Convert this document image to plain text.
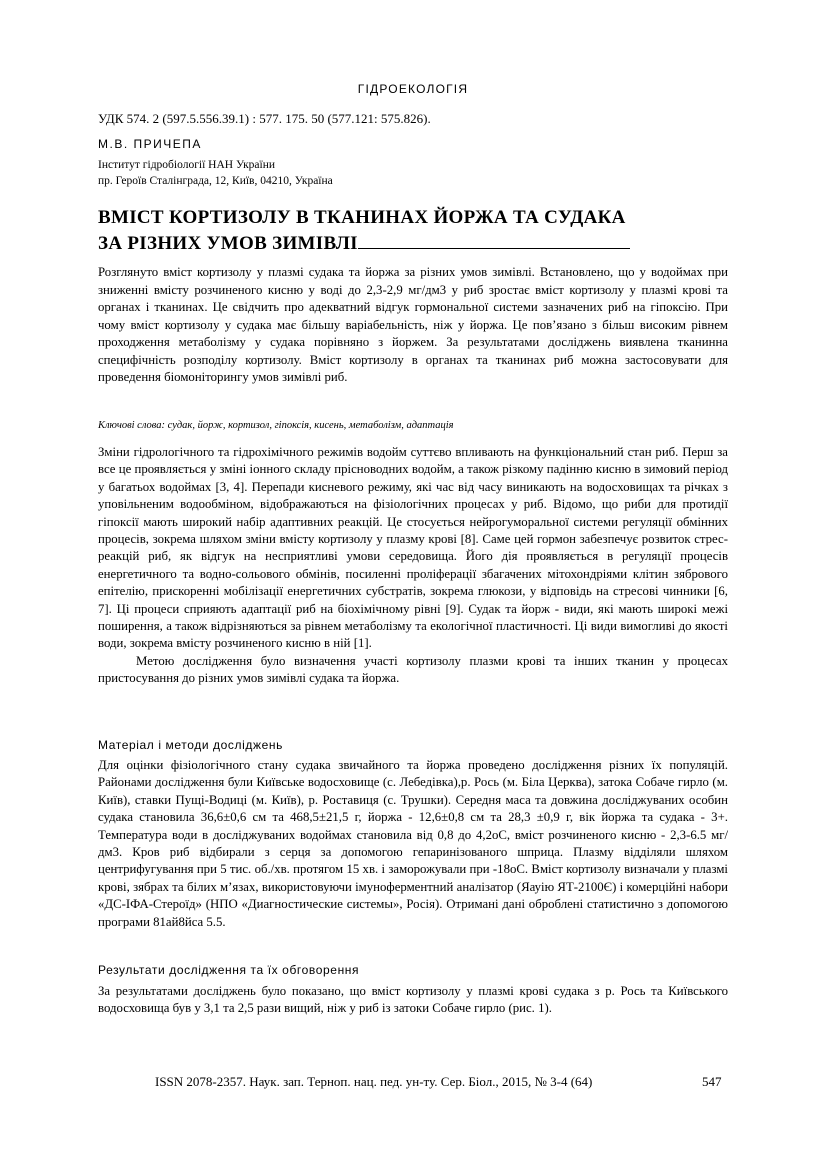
ГІДРОЕКОЛОГІЯ
УДК 574. 2 (597.5.556.39.1) : 577. 175. 50 (577.121: 575.826).
М.В. ПРИЧЕПА
Інститут гідробіології НАН України
пр. Героїв Сталінграда, 12, Київ, 04210, Україна
ВМІСТ КОРТИЗОЛУ В ТКАНИНАХ ЙОРЖА ТА СУДАКА
ЗА РІЗНИХ УМОВ ЗИМІВЛІ
Розглянуто вміст кортизолу у плазмі судака та йоржа за різних умов зимівлі. Встановлено, що у водоймах при зниженні вмісту розчиненого кисню у воді до 2,3-2,9 мг/дм3 у риб зростає вміст кортизолу у плазмі крові та органах і тканинах. Це свідчить про адекватний відгук гормональної системи зазначених риб на гіпоксію. При чому вміст кортизолу у судака має більшу варіабельність, ніж у йоржа. Це пов’язано з більш високим рівнем проходження метаболізму у судака порівняно з йоржем. За результатами досліджень виявлена тканинна специфічність розподілу кортизолу. Вміст кортизолу в органах та тканинах риб можна застосовувати для проведення біомоніторингу умов зимівлі риб.
Ключові слова: судак, йорж, кортизол, гіпоксія, кисень, метаболізм, адаптація

Зміни гідрологічного та гідрохімічного режимів водойм суттєво впливають на функціональний стан риб. Перш за все це проявляється у зміні іонного складу прісноводних водойм, а також різкому падінню кисню в зимовий період у багатьох водоймах [3, 4]. Перепади кисневого режиму, які час від часу виникають на водосховищах та річках з уповільненим водообміном, відображаються на фізіологічних процесах у риб. Відомо, що риби для протидії гіпоксії мають широкий набір адаптивних реакцій. Це стосується нейрогуморальної системи регуляції обмінних процесів, зокрема шляхом зміни вмісту кортизолу у плазму крові [8]. Саме цей гормон забезпечує розвиток стрес-реакцій риб, як відгук на несприятливі умови середовища. Його дія проявляється в регуляції процесів енергетичного та водно-сольового обмінів, посиленні проліферації збагачених мітохондріями клітин зябрового епітелію, прискоренні мобілізації енергетичних субстратів, зокрема глюкози, у відповідь на стресові чинники [6, 7]. Ці процеси сприяють адаптації риб на біохімічному рівні [9]. Судак та йорж - види, які мають широкі межі поширення, а також відрізняються за рівнем метаболізму та екологічної пластичності. Ці види вимогливі до якості води, зокрема вмісту розчиненого кисню в ній [1].

Метою дослідження було визначення участі кортизолу плазми крові та інших тканин у процесах пристосування до різних умов зимівлі судака та йоржа.

Матеріал і методи досліджень
Для оцінки фізіологічного стану судака звичайного та йоржа проведено дослідження різних їх популяцій. Районами дослідження були Київське водосховище (с. Лебедівка),р. Рось (м. Біла Церква), затока Собаче гирло (м. Київ), ставки Пущі-Водиці (м. Київ), р. Роставиця (с. Трушки). Середня маса та довжина досліджуваних особин судака становила 36,6±0,6 см та 468,5±21,5 г, йоржа - 12,6±0,8 см та 28,3 ±0,9 г, вік йоржа та судака - 3+. Температура води в досліджуваних водоймах становила від 0,8 до 4,2оС, вміст розчиненого кисню - 2,3-6.5 мг/дм3. Кров риб відбирали з серця за допомогою гепаринізованого шприца. Плазму відділяли шляхом центрифугування при 5 тис. об./хв. протягом 15 хв. і заморожували при -18оС. Вміст кортизолу визначали у плазмі крові, зябрах та білих м’язах, використовуючи імуноферментний аналізатор (Яауію ЯТ-2100Є) і комерційні набори «ДС-ІФА-Стероїд» (НПО «Диагностические системы», Росія). Отримані дані оброблені статистично з допомогою програми 81ай8йса 5.5.
Результати дослідження та їх обговорення
За результатами досліджень було показано, що вміст кортизолу у плазмі крові судака з р. Рось та Київського водосховища був у 3,1 та 2,5 рази вищий, ніж у риб із затоки Собаче гирло (рис. 1).
ISSN 2078-2357. Наук. зап. Терноп. нац. пед. ун-ту. Сер. Біол., 2015, № 3-4 (64)	547
